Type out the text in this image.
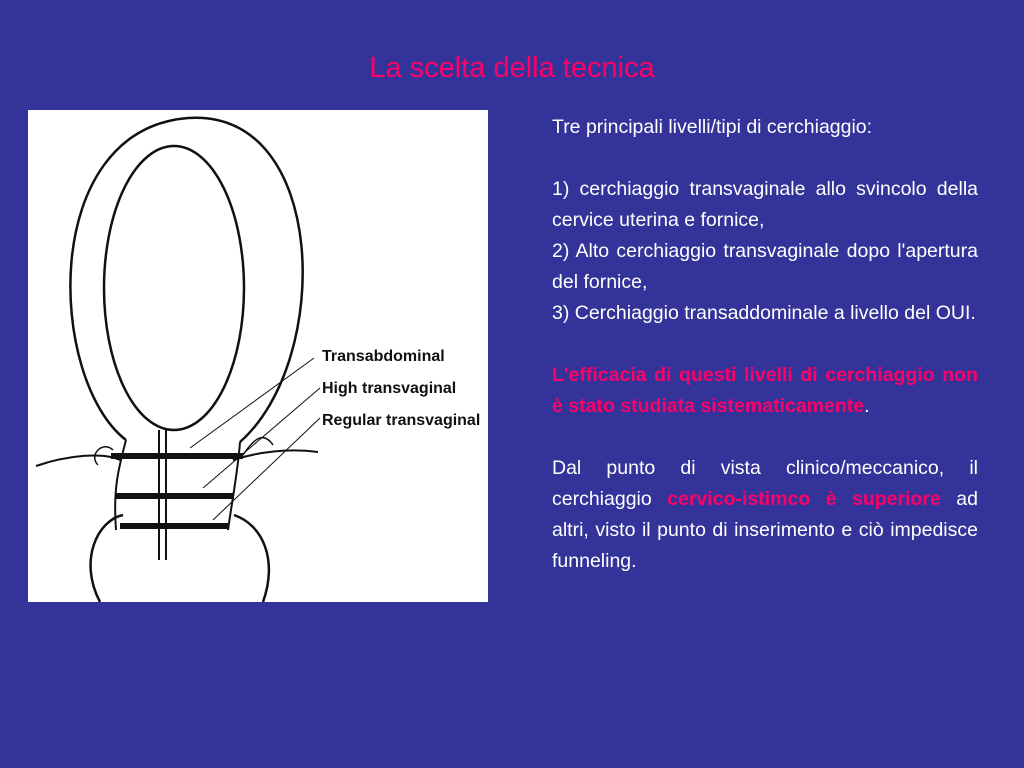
La scelta della tecnica
Transabdominal
High transvaginal
Regular transvaginal

Tre principali livelli/tipi di cerchiaggio:

1) cerchiaggio transvaginale allo svincolo della cervice uterina e fornice,

2) Alto cerchiaggio transvaginale dopo l'apertura del fornice,

3) Cerchiaggio transaddominale a livello del OUI.

L'efficacia di questi livelli di cerchiaggio non è stato studiata sistematicamente.

Dal punto di vista clinico/meccanico, il cerchiaggio cervico-istimco è superiore ad altri, visto il punto di inserimento e ciò impedisce funneling.
